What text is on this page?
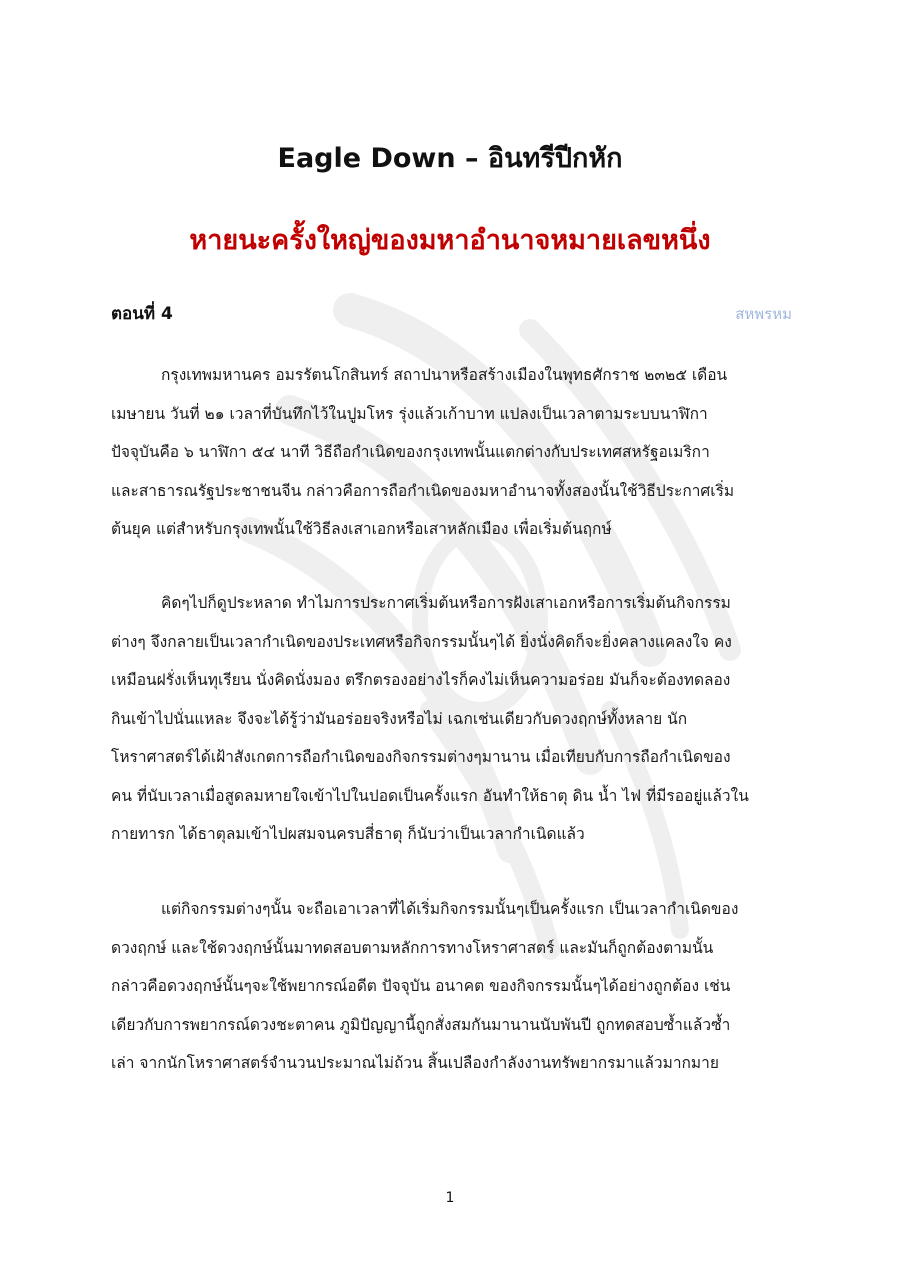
Eagle Down – อินทรีปีกหัก
หายนะครั้งใหญ่ของมหาอำนาจหมายเลขหนึ่ง
ตอนที่ 4	สหพรหม
กรุงเทพมหานคร อมรรัตนโกสินทร์ สถาปนาหรือสร้างเมืองในพุทธศักราช ๒๓๒๕ เดือน
เมษายน วันที่ ๒๑ เวลาที่บันทึกไว้ในปูมโหร รุ่งแล้วเก้าบาท แปลงเป็นเวลาตามระบบนาฬิกา
ปัจจุบันคือ ๖ นาฬิกา ๕๔ นาที วิธีถือกำเนิดของกรุงเทพนั้นแตกต่างกับประเทศสหรัฐอเมริกา
และสาธารณรัฐประชาชนจีน กล่าวคือการถือกำเนิดของมหาอำนาจทั้งสองนั้นใช้วิธีประกาศเริ่ม
ต้นยุค แต่สำหรับกรุงเทพนั้นใช้วิธีลงเสาเอกหรือเสาหลักเมือง เพื่อเริ่มต้นฤกษ์
คิดๆไปก็ดูประหลาด ทำไมการประกาศเริ่มต้นหรือการฝังเสาเอกหรือการเริ่มต้นกิจกรรม
ต่างๆ จึงกลายเป็นเวลากำเนิดของประเทศหรือกิจกรรมนั้นๆได้ ยิ่งนั่งคิดก็จะยิ่งคลางแคลงใจ คง
เหมือนฝรั่งเห็นทุเรียน นั่งคิดนั่งมอง ตรึกตรองอย่างไรก็คงไม่เห็นความอร่อย มันก็จะต้องทดลอง
กินเข้าไปนั่นแหละ จึงจะได้รู้ว่ามันอร่อยจริงหรือไม่ เฉกเช่นเดียวกับดวงฤกษ์ทั้งหลาย นัก
โหราศาสตร์ได้เฝ้าสังเกตการถือกำเนิดของกิจกรรมต่างๆมานาน เมื่อเทียบกับการถือกำเนิดของ
คน ที่นับเวลาเมื่อสูดลมหายใจเข้าไปในปอดเป็นครั้งแรก อันทำให้ธาตุ ดิน น้ำ ไฟ ที่มีรออยู่แล้วใน
กายทารก ได้ธาตุลมเข้าไปผสมจนครบสี่ธาตุ ก็นับว่าเป็นเวลากำเนิดแล้ว
แต่กิจกรรมต่างๆนั้น จะถือเอาเวลาที่ได้เริ่มกิจกรรมนั้นๆเป็นครั้งแรก เป็นเวลากำเนิดของ
ดวงฤกษ์ และใช้ดวงฤกษ์นั้นมาทดสอบตามหลักการทางโหราศาสตร์ และมันก็ถูกต้องตามนั้น
กล่าวคือดวงฤกษ์นั้นๆจะใช้พยากรณ์อดีต ปัจจุบัน อนาคต ของกิจกรรมนั้นๆได้อย่างถูกต้อง เช่น
เดียวกับการพยากรณ์ดวงชะตาคน ภูมิปัญญานี้ถูกสั่งสมกันมานานนับพันปี ถูกทดสอบซ้ำแล้วซ้ำ
เล่า จากนักโหราศาสตร์จำนวนประมาณไม่ถ้วน สิ้นเปลืองกำลังงานทรัพยากรมาแล้วมากมาย
1
